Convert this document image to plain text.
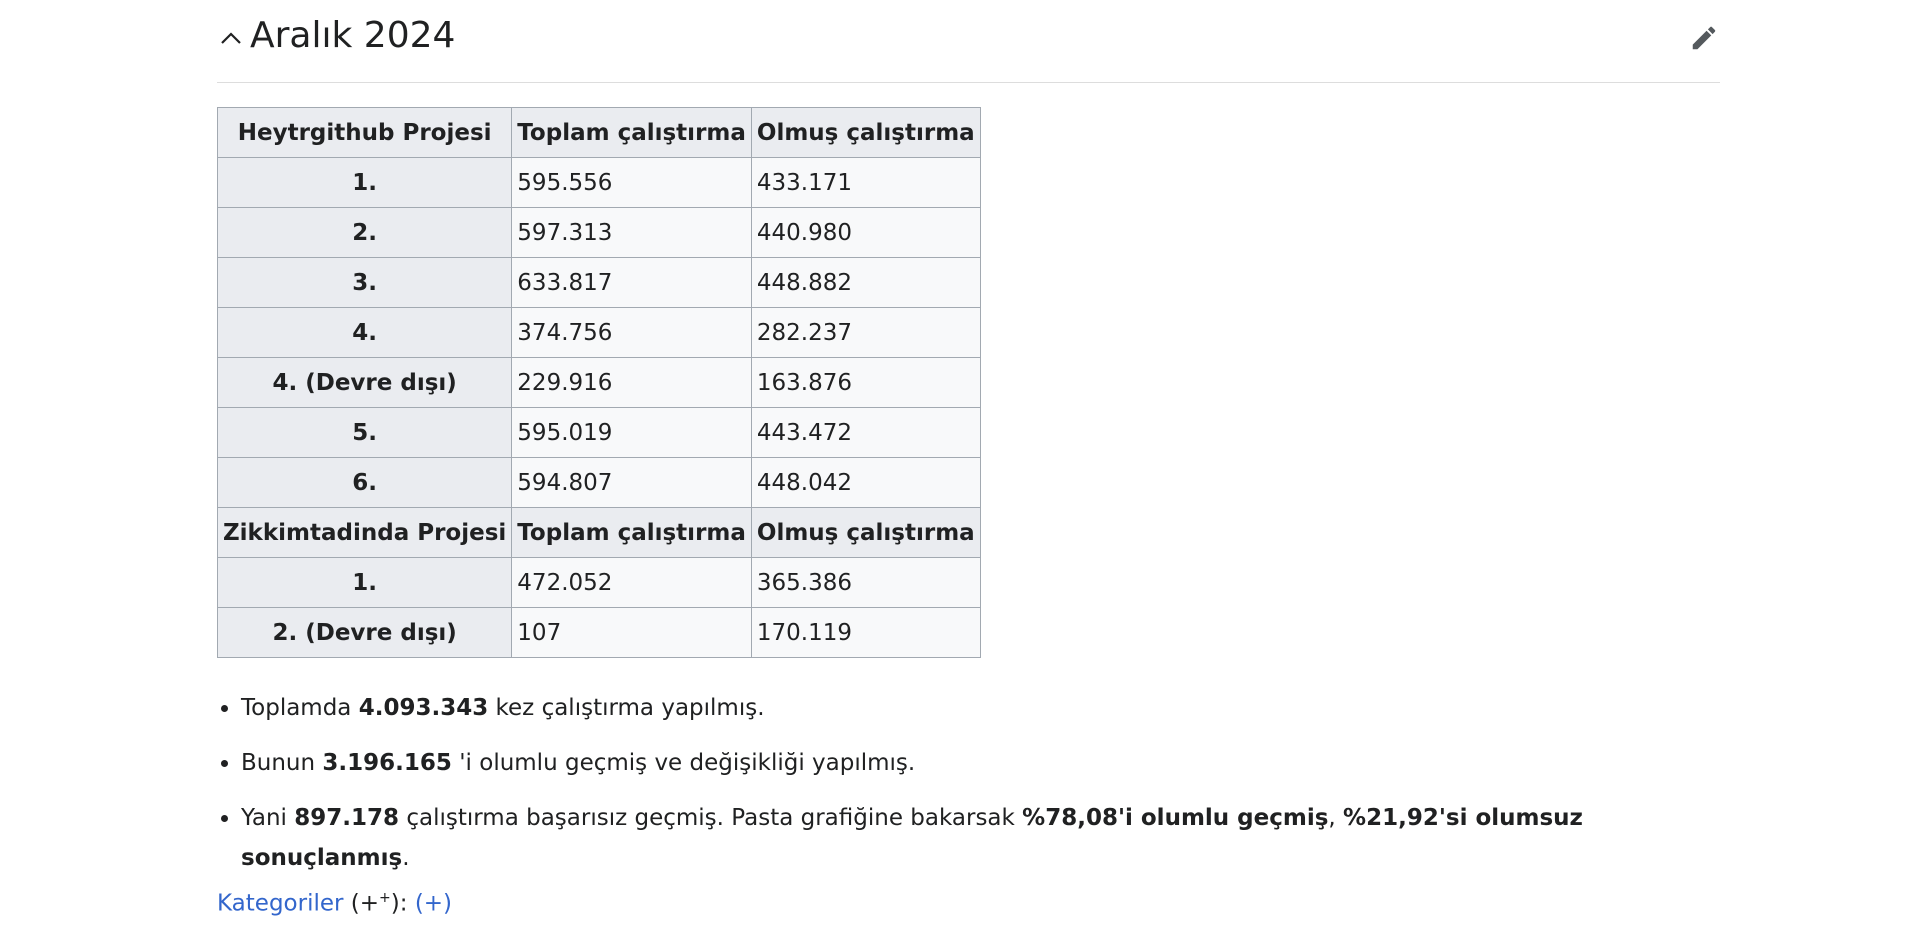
Aralık 2024
Heytrgithub Projesi	Toplam çalıştırma	Olmuş çalıştırma
1.	595.556	433.171
2.	597.313	440.980
3.	633.817	448.882
4.	374.756	282.237
4. (Devre dışı)	229.916	163.876
5.	595.019	443.472
6.	594.807	448.042
Zikkimtadinda Projesi	Toplam çalıştırma	Olmuş çalıştırma
1.	472.052	365.386
2. (Devre dışı)	107	170.119
• Toplamda 4.093.343 kez çalıştırma yapılmış.
• Bunun 3.196.165 'i olumlu geçmiş ve değişikliği yapılmış.
• Yani 897.178 çalıştırma başarısız geçmiş. Pasta grafiğine bakarsak %78,08'i olumlu geçmiş, %21,92'si olumsuz sonuçlanmış.
Kategoriler (++): (+)
